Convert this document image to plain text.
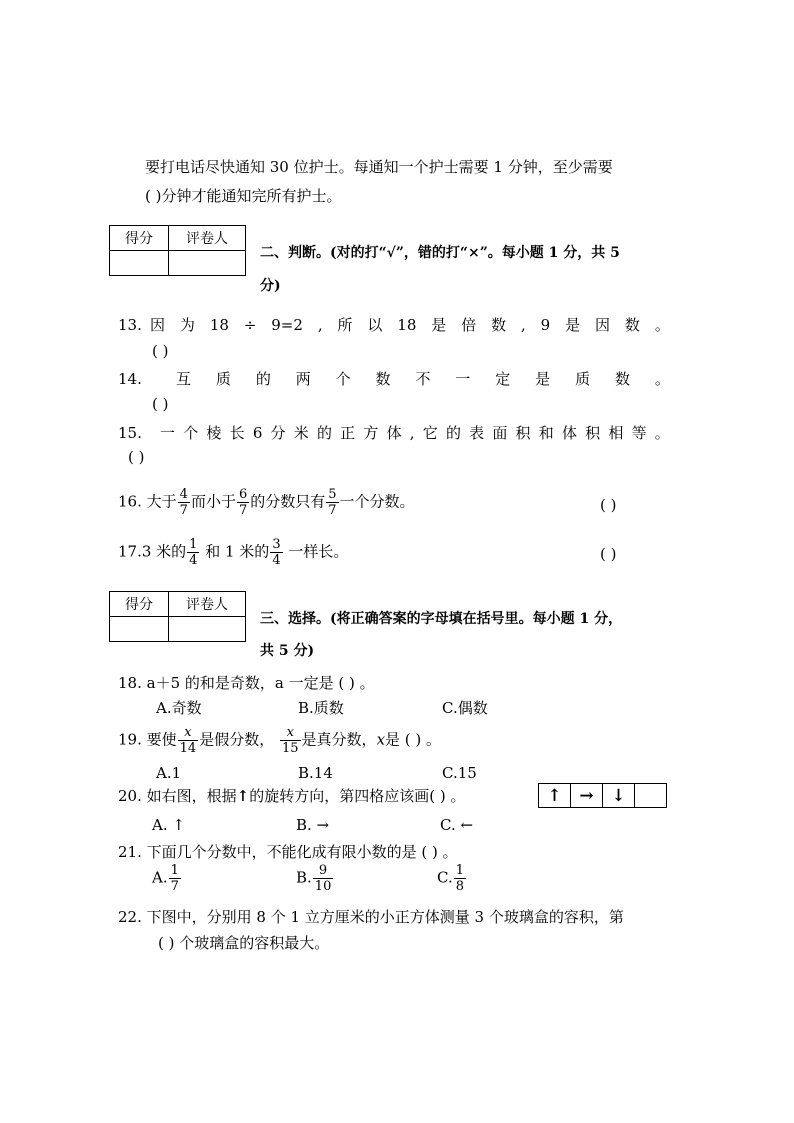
要打电话尽快通知 30 位护士。每通知一个护士需要 1 分钟，至少需要
( )分钟才能通知完所有护士。
得分	评卷人

二、判断。(对的打“√”，错的打“×”。每小题 1 分，共 5
分)
13. 因 为 18 ÷ 9=2 , 所 以 18 是 倍 数 , 9 是 因 数 。
( )
14. 互 质 的 两 个 数 不 一 定 是 质 数 。
( )
15. 一 个 棱 长 6 分 米 的 正 方 体 , 它 的 表 面 积 和 体 积 相 等 。
( )
16. 大于 $\frac{4}{7}$ 而小于 $\frac{6}{7}$ 的分数只有 $\frac{5}{7}$ 一个分数。	( )
17.3 米的 $\frac{1}{4}$ 和 1 米的 $\frac{3}{4}$ 一样长。	( )
得分	评卷人

三、选择。(将正确答案的字母填在括号里。每小题 1 分，
共 5 分)
18. a＋5 的和是奇数，a 一定是 ( ) 。
A.奇数	B.质数	C.偶数
19. 要使 $\frac{x}{14}$ 是假分数， $\frac{x}{15}$ 是真分数，x是 ( ) 。
A.1	B.14	C.15
20. 如右图，根据↑的旋转方向，第四格应该画( ) 。	↑	→	↓
A. ↑	B. →	C. ←
21. 下面几个分数中，不能化成有限小数的是 ( ) 。
A. $\frac{1}{7}$	B. $\frac{9}{10}$	C. $\frac{1}{8}$
22. 下图中，分别用 8 个 1 立方厘米的小正方体测量 3 个玻璃盒的容积，第
( ) 个玻璃盒的容积最大。
